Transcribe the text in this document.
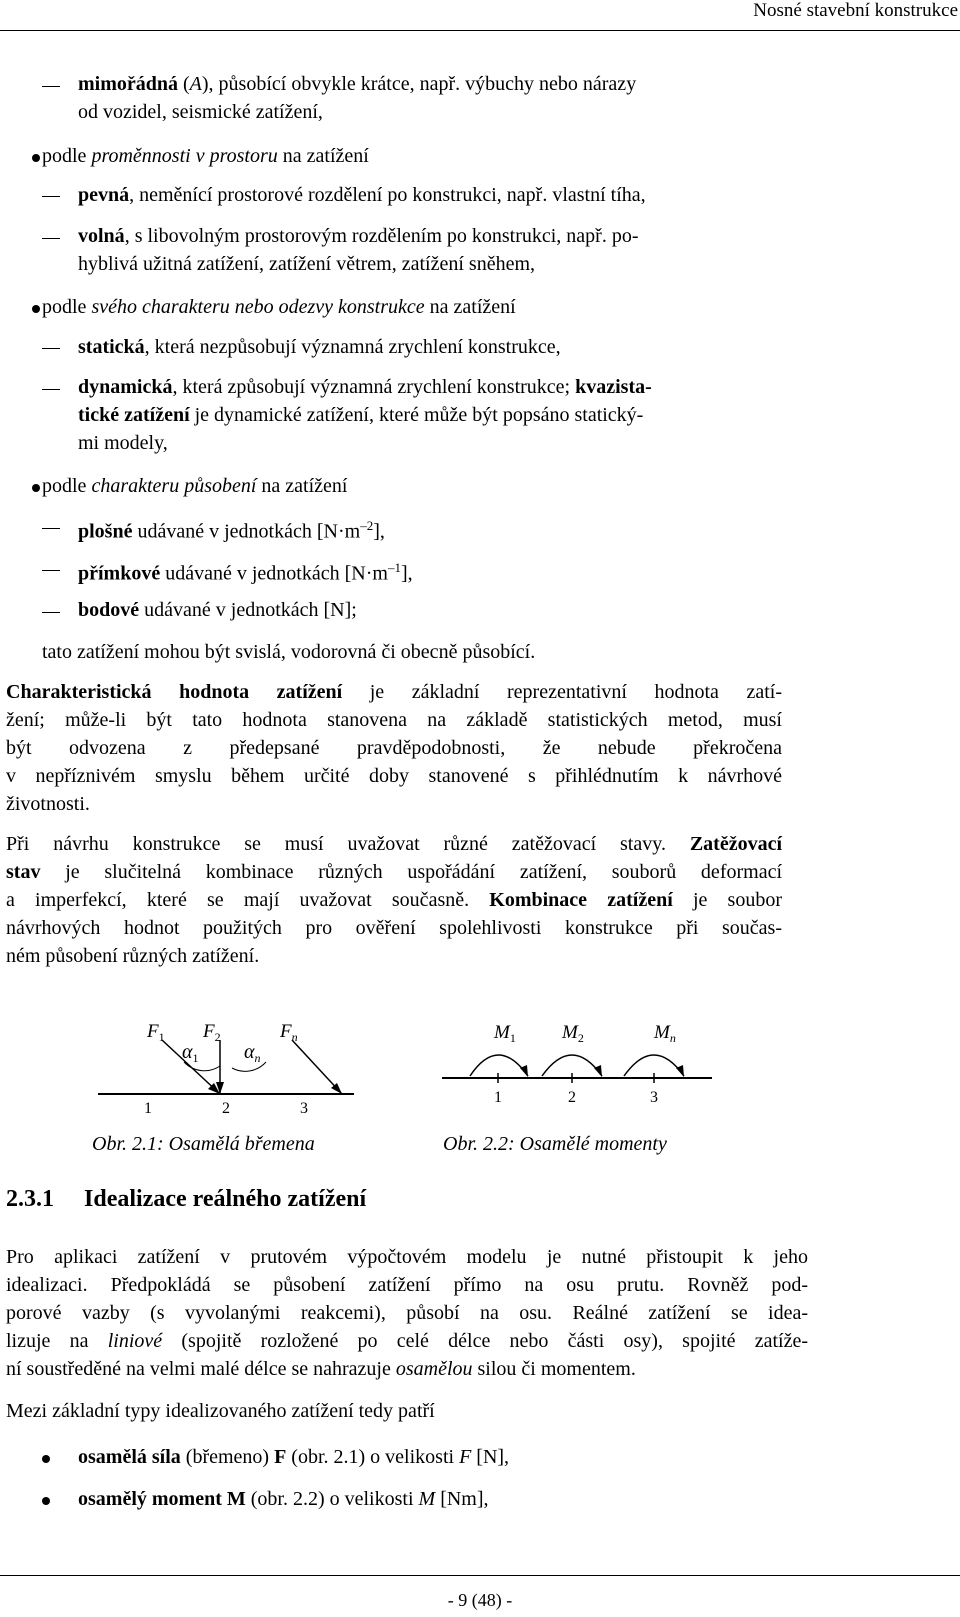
Nosné stavební konstrukce
mimořádná (A), působící obvykle krátce, např. výbuchy nebo nárazy
od vozidel, seismické zatížení,
podle proměnnosti v prostoru na zatížení
pevná, neměnící prostorové rozdělení po konstrukci, např. vlastní tíha,
volná, s libovolným prostorovým rozdělením po konstrukci, např. po-
hyblivá užitná zatížení, zatížení větrem, zatížení sněhem,
podle svého charakteru nebo odezvy konstrukce na zatížení
statická, která nezpůsobují významná zrychlení konstrukce,
dynamická, která způsobují významná zrychlení konstrukce; kvazista-
tické zatížení je dynamické zatížení, které může být popsáno statický-
mi modely,
podle charakteru působení na zatížení
plošné udávané v jednotkách $[N\cdot m^{-2}]$,
přímkové udávané v jednotkách $[N\cdot m^{-1}]$,
bodové udávané v jednotkách [N];
tato zatížení mohou být svislá, vodorovná či obecně působící.
Charakteristická hodnota zatížení je základní reprezentativní hodnota zatí-
žení; může-li být tato hodnota stanovena na základě statistických metod, musí
být odvozena z předepsané pravděpodobnosti, že nebude překročena
v nepříznivém smyslu během určité doby stanovené s přihlédnutím k návrhové
životnosti.
Při návrhu konstrukce se musí uvažovat různé zatěžovací stavy. Zatěžovací
stav je slučitelná kombinace různých uspořádání zatížení, souborů deformací
a imperfekcí, které se mají uvažovat současně. Kombinace zatížení je soubor
návrhových hodnot použitých pro ověření spolehlivosti konstrukce při součas-
ném působení různých zatížení.
$F_1$ $F_2$	$F_n$
$\alpha_1$ $\alpha_n$
1	2	3
Obr. 2.1: Osamělá břemena
$M_1$ $M_2$	$M_n$
1	2	3
Obr. 2.2: Osamělé momenty
2.3.1 Idealizace reálného zatížení
Pro aplikaci zatížení v prutovém výpočtovém modelu je nutné přistoupit k jeho
idealizaci. Předpokládá se působení zatížení přímo na osu prutu. Rovněž pod-
porové vazby (s vyvolanými reakcemi), působí na osu. Reálné zatížení se idea-
lizuje na liniové (spojitě rozložené po celé délce nebo části osy), spojité zatíže-
ní soustředěné na velmi malé délce se nahrazuje osamělou silou či momentem.
Mezi základní typy idealizovaného zatížení tedy patří
osamělá síla (břemeno) F (obr. 2.1) o velikosti F [N],
osamělý moment M (obr. 2.2) o velikosti M [Nm],
- 9 (48) -
